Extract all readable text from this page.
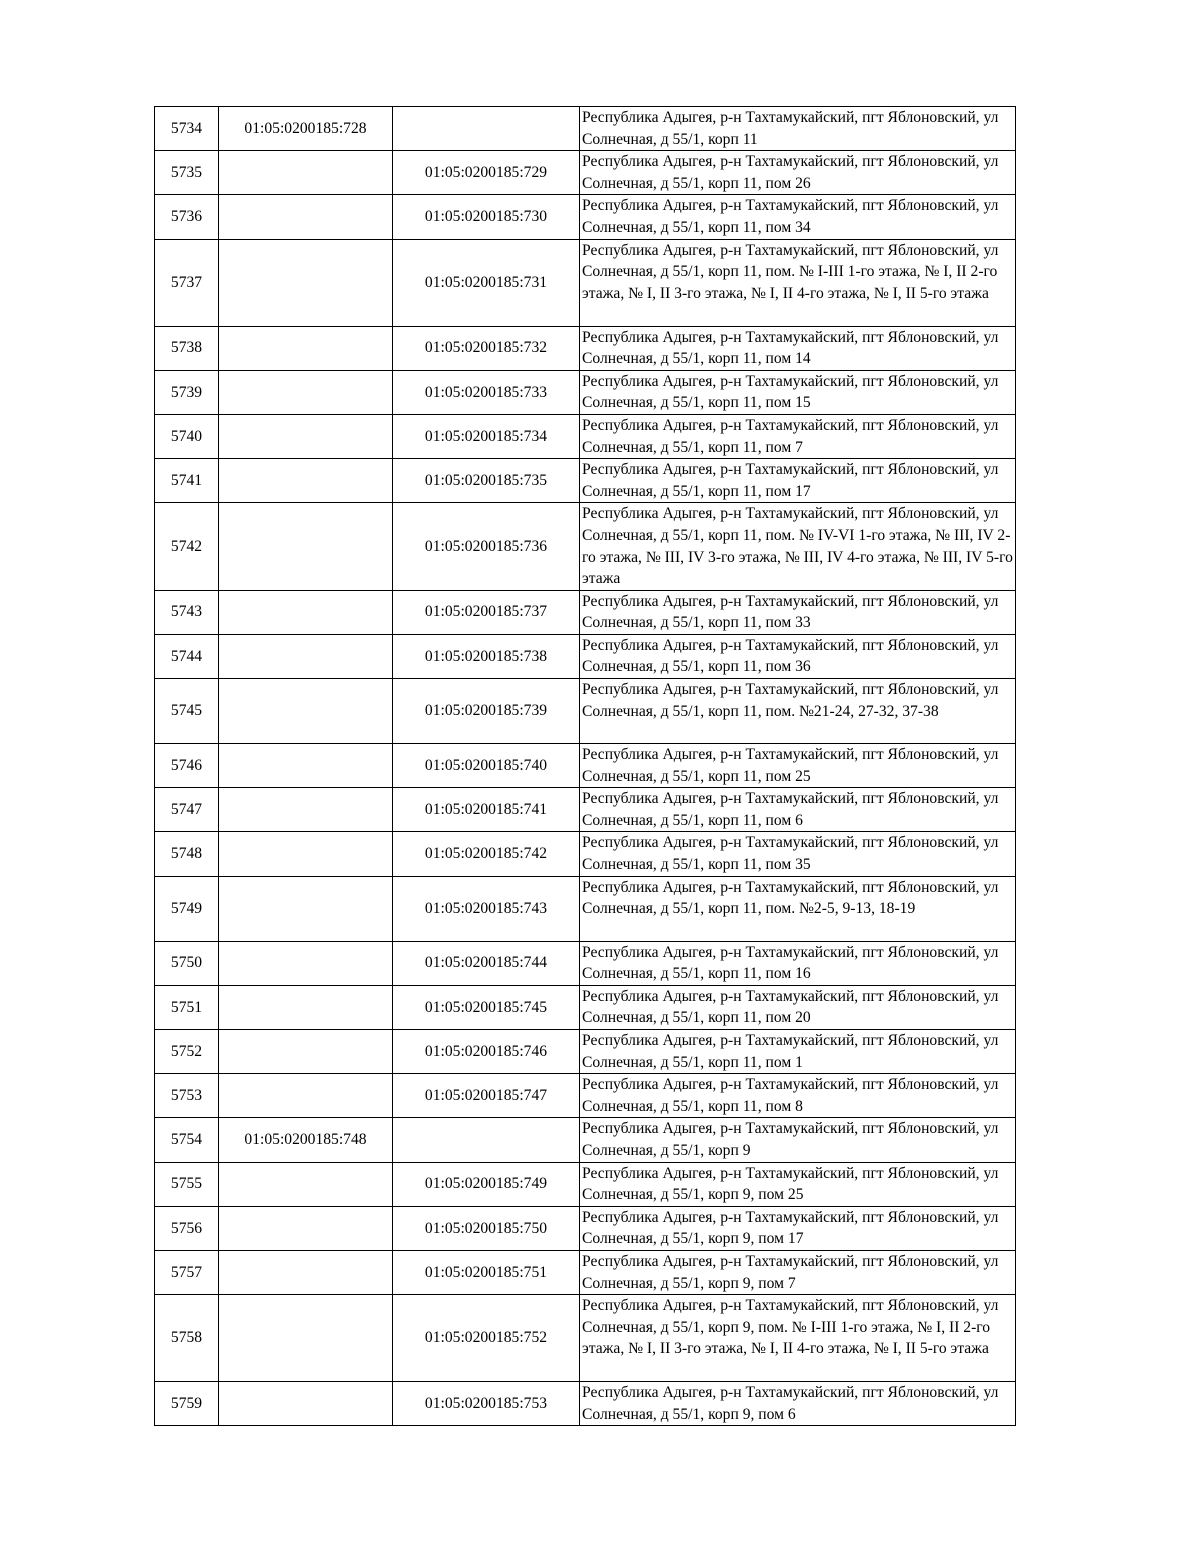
5734	01:05:0200185:728		Республика Адыгея, р-н Тахтамукайский, пгт Яблоновский, ул Солнечная, д 55/1, корп 11
5735		01:05:0200185:729	Республика Адыгея, р-н Тахтамукайский, пгт Яблоновский, ул Солнечная, д 55/1, корп 11, пом 26
5736		01:05:0200185:730	Республика Адыгея, р-н Тахтамукайский, пгт Яблоновский, ул Солнечная, д 55/1, корп 11, пом 34
5737		01:05:0200185:731	Республика Адыгея, р-н Тахтамукайский, пгт Яблоновский, ул Солнечная, д 55/1, корп 11, пом. № I-III 1-го этажа, № I, II 2-го этажа, № I, II 3-го этажа, № I, II 4-го этажа, № I, II 5-го этажа
5738		01:05:0200185:732	Республика Адыгея, р-н Тахтамукайский, пгт Яблоновский, ул Солнечная, д 55/1, корп 11, пом 14
5739		01:05:0200185:733	Республика Адыгея, р-н Тахтамукайский, пгт Яблоновский, ул Солнечная, д 55/1, корп 11, пом 15
5740		01:05:0200185:734	Республика Адыгея, р-н Тахтамукайский, пгт Яблоновский, ул Солнечная, д 55/1, корп 11, пом 7
5741		01:05:0200185:735	Республика Адыгея, р-н Тахтамукайский, пгт Яблоновский, ул Солнечная, д 55/1, корп 11, пом 17
5742		01:05:0200185:736	Республика Адыгея, р-н Тахтамукайский, пгт Яблоновский, ул Солнечная, д 55/1, корп 11, пом. № IV-VI 1-го этажа, № III, IV 2-го этажа, № III, IV 3-го этажа, № III, IV 4-го этажа, № III, IV 5-го этажа
5743		01:05:0200185:737	Республика Адыгея, р-н Тахтамукайский, пгт Яблоновский, ул Солнечная, д 55/1, корп 11, пом 33
5744		01:05:0200185:738	Республика Адыгея, р-н Тахтамукайский, пгт Яблоновский, ул Солнечная, д 55/1, корп 11, пом 36
5745		01:05:0200185:739	Республика Адыгея, р-н Тахтамукайский, пгт Яблоновский, ул Солнечная, д 55/1, корп 11, пом. №21-24, 27-32, 37-38
5746		01:05:0200185:740	Республика Адыгея, р-н Тахтамукайский, пгт Яблоновский, ул Солнечная, д 55/1, корп 11, пом 25
5747		01:05:0200185:741	Республика Адыгея, р-н Тахтамукайский, пгт Яблоновский, ул Солнечная, д 55/1, корп 11, пом 6
5748		01:05:0200185:742	Республика Адыгея, р-н Тахтамукайский, пгт Яблоновский, ул Солнечная, д 55/1, корп 11, пом 35
5749		01:05:0200185:743	Республика Адыгея, р-н Тахтамукайский, пгт Яблоновский, ул Солнечная, д 55/1, корп 11, пом. №2-5, 9-13, 18-19
5750		01:05:0200185:744	Республика Адыгея, р-н Тахтамукайский, пгт Яблоновский, ул Солнечная, д 55/1, корп 11, пом 16
5751		01:05:0200185:745	Республика Адыгея, р-н Тахтамукайский, пгт Яблоновский, ул Солнечная, д 55/1, корп 11, пом 20
5752		01:05:0200185:746	Республика Адыгея, р-н Тахтамукайский, пгт Яблоновский, ул Солнечная, д 55/1, корп 11, пом 1
5753		01:05:0200185:747	Республика Адыгея, р-н Тахтамукайский, пгт Яблоновский, ул Солнечная, д 55/1, корп 11, пом 8
5754	01:05:0200185:748		Республика Адыгея, р-н Тахтамукайский, пгт Яблоновский, ул Солнечная, д 55/1, корп 9
5755		01:05:0200185:749	Республика Адыгея, р-н Тахтамукайский, пгт Яблоновский, ул Солнечная, д 55/1, корп 9, пом 25
5756		01:05:0200185:750	Республика Адыгея, р-н Тахтамукайский, пгт Яблоновский, ул Солнечная, д 55/1, корп 9, пом 17
5757		01:05:0200185:751	Республика Адыгея, р-н Тахтамукайский, пгт Яблоновский, ул Солнечная, д 55/1, корп 9, пом 7
5758		01:05:0200185:752	Республика Адыгея, р-н Тахтамукайский, пгт Яблоновский, ул Солнечная, д 55/1, корп 9, пом. № I-III 1-го этажа, № I, II 2-го этажа, № I, II 3-го этажа, № I, II 4-го этажа, № I, II 5-го этажа
5759		01:05:0200185:753	Республика Адыгея, р-н Тахтамукайский, пгт Яблоновский, ул Солнечная, д 55/1, корп 9, пом 6
